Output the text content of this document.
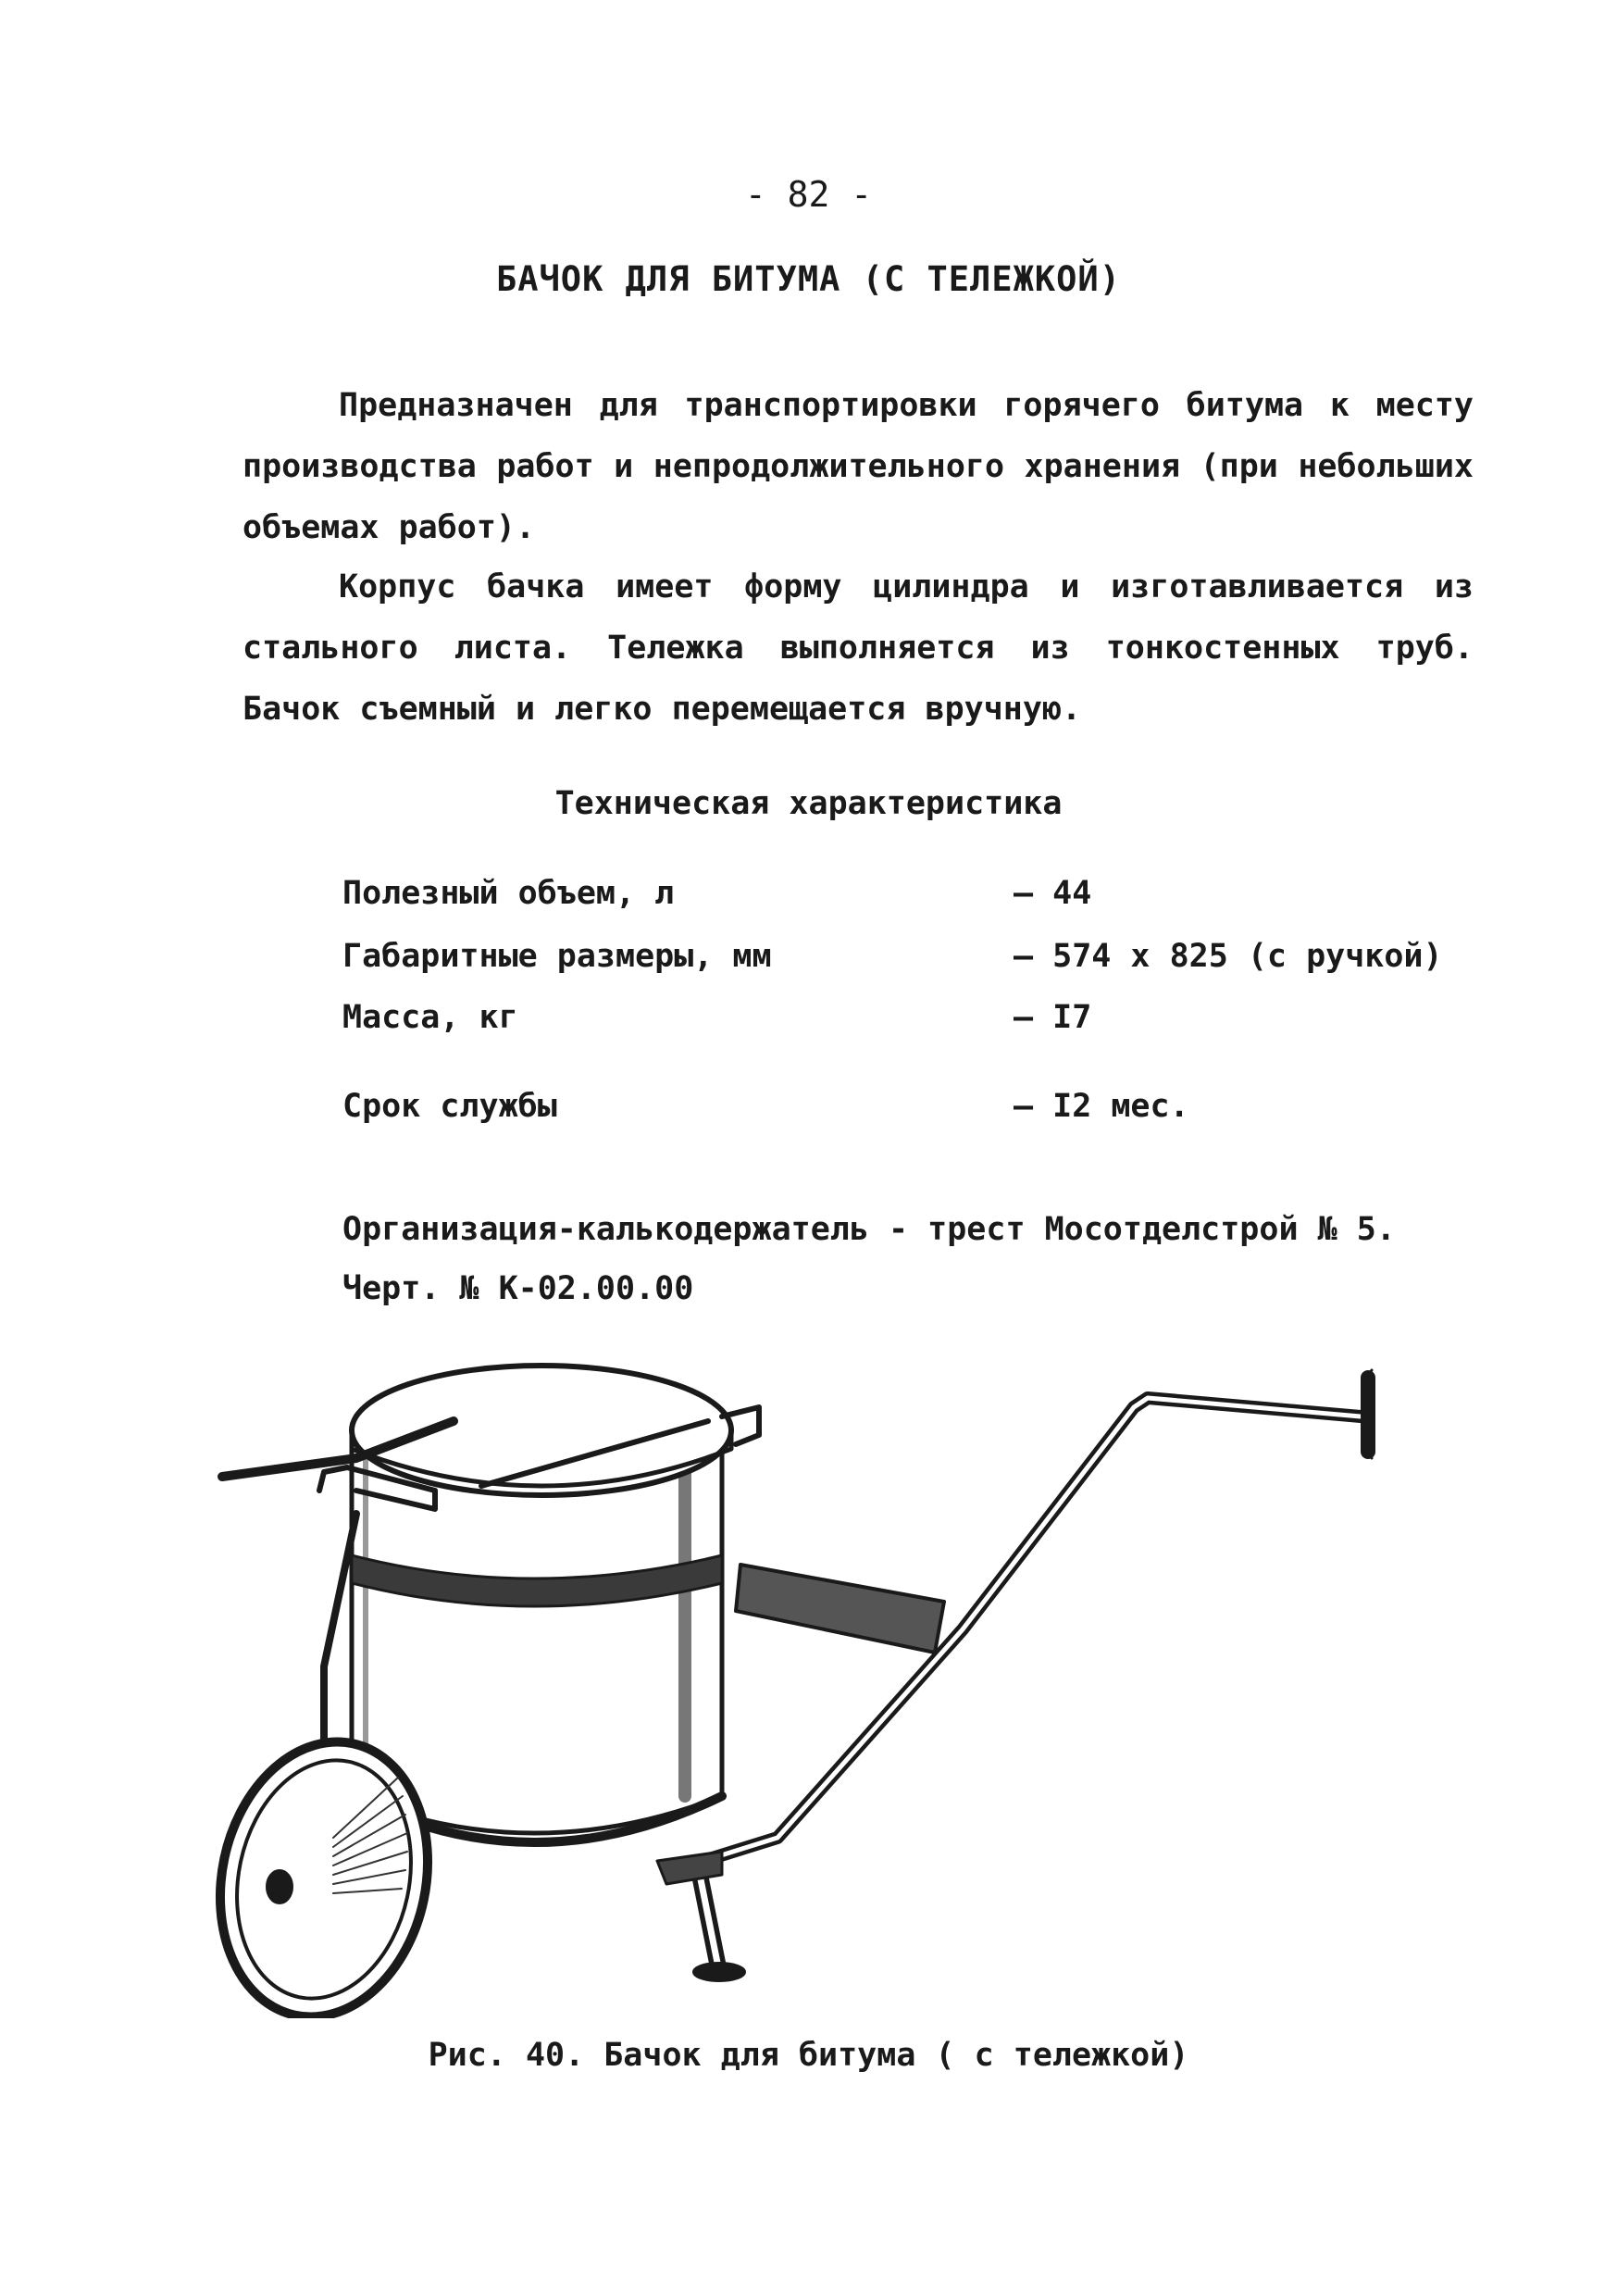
- 82 -
БАЧОК ДЛЯ БИТУМА (С ТЕЛЕЖКОЙ)
Предназначен для транспортировки горячего битума к месту производства работ и непродолжительного хранения (при небольших объемах работ).
Корпус бачка имеет форму цилиндра и изготавливается из стального листа. Тележка выполняется из тонкостенных труб. Бачок съемный и легко перемещается вручную.
Техническая характеристика
Полезный объем, л	– 44
Габаритные размеры, мм	– 574 х 825 (с ручкой)
Масса, кг	– I7
Срок службы	– I2 мес.
Организация-калькодержатель - трест Мосотделстрой № 5.
Черт. № К-02.00.00
Рис. 40. Бачок для битума ( с тележкой)
